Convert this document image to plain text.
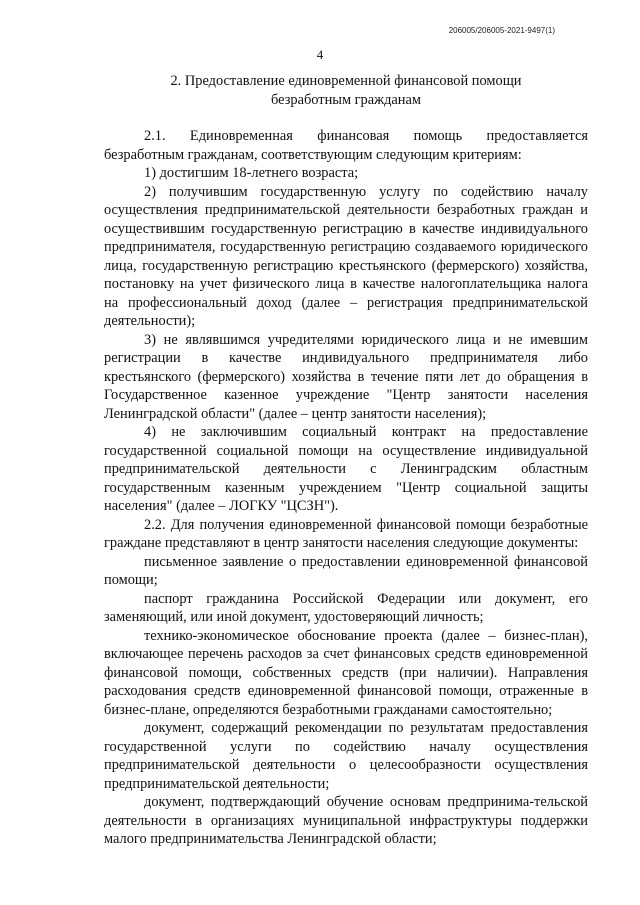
206005/206005-2021-9497(1)
4
2. Предоставление единовременной финансовой помощи
безработным гражданам

2.1. Единовременная финансовая помощь предоставляется безработным гражданам, соответствующим следующим критериям:

1) достигшим 18-летнего возраста;

2) получившим государственную услугу по содействию началу осуществления предпринимательской деятельности безработных граждан и осуществившим государственную регистрацию в качестве индивидуального предпринимателя, государственную регистрацию создаваемого юридического лица, государственную регистрацию крестьянского (фермерского) хозяйства, постановку на учет физического лица в качестве налогоплательщика налога на профессиональный доход (далее – регистрация предпринимательской деятельности);

3) не являвшимся учредителями юридического лица и не имевшим регистрации в качестве индивидуального предпринимателя либо крестьянского (фермерского) хозяйства в течение пяти лет до обращения в Государственное казенное учреждение "Центр занятости населения Ленинградской области" (далее – центр занятости населения);

4) не заключившим социальный контракт на предоставление государственной социальной помощи на осуществление индивидуальной предпринимательской деятельности с Ленинградским областным государственным казенным учреждением "Центр социальной защиты населения" (далее – ЛОГКУ "ЦСЗН").

2.2. Для получения единовременной финансовой помощи безработные граждане представляют в центр занятости населения следующие документы:

письменное заявление о предоставлении единовременной финансовой помощи;

паспорт гражданина Российской Федерации или документ, его заменяющий, или иной документ, удостоверяющий личность;

технико-экономическое обоснование проекта (далее – бизнес-план), включающее перечень расходов за счет финансовых средств единовременной финансовой помощи, собственных средств (при наличии). Направления расходования средств единовременной финансовой помощи, отраженные в бизнес-плане, определяются безработными гражданами самостоятельно;

документ, содержащий рекомендации по результатам предоставления государственной услуги по содействию началу осуществления предпринимательской деятельности о целесообразности осуществления предпринимательской деятельности;

документ, подтверждающий обучение основам предпринима-тельской деятельности в организациях муниципальной инфраструктуры поддержки малого предпринимательства Ленинградской области;
